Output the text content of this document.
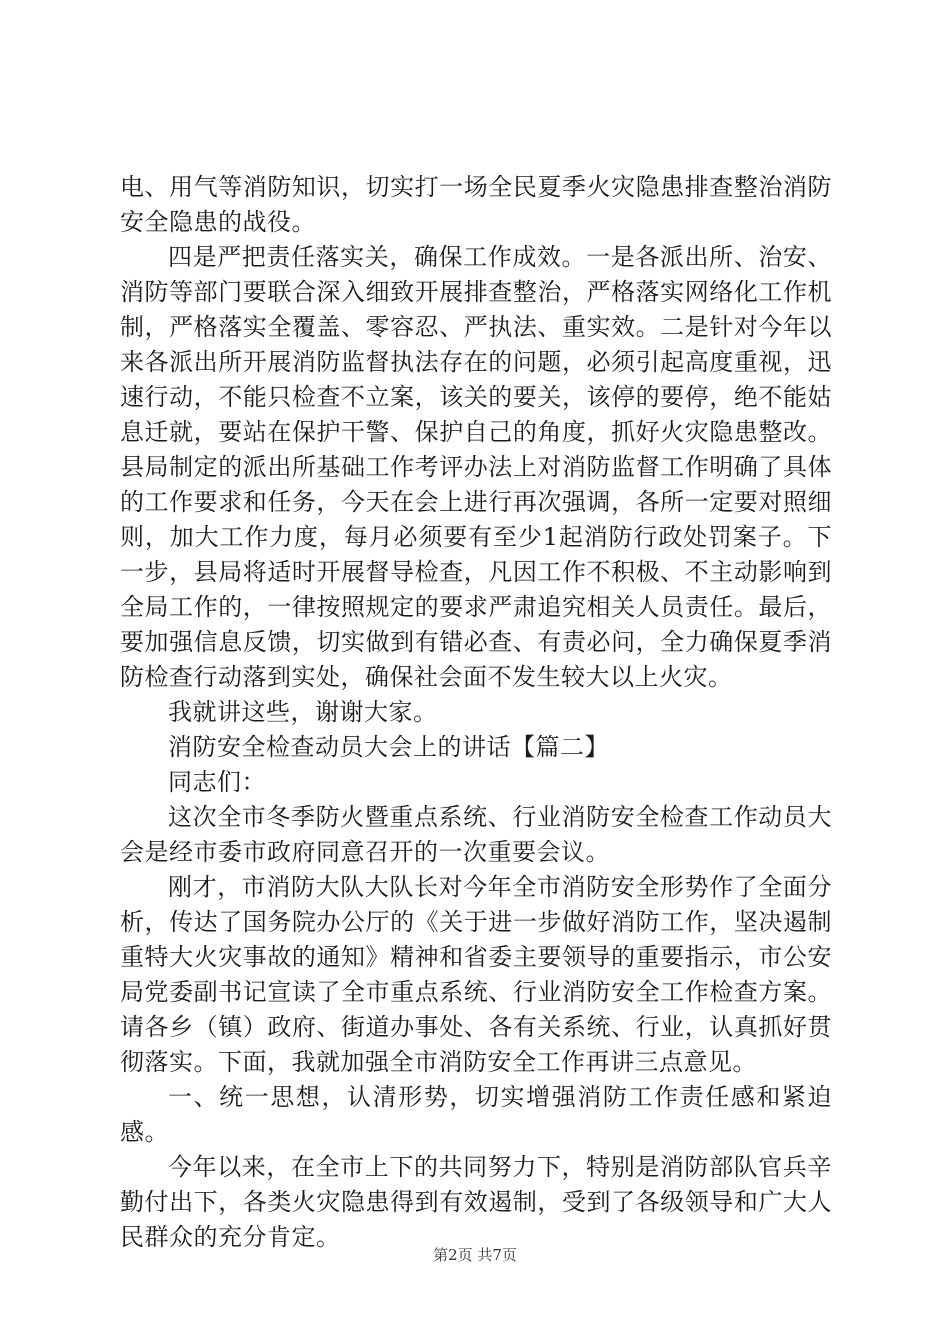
电、用气等消防知识，切实打一场全民夏季火灾隐患排查整治消防安全隐患的战役。

四是严把责任落实关，确保工作成效。一是各派出所、治安、消防等部门要联合深入细致开展排查整治，严格落实网络化工作机制，严格落实全覆盖、零容忍、严执法、重实效。二是针对今年以来各派出所开展消防监督执法存在的问题，必须引起高度重视，迅速行动，不能只检查不立案，该关的要关，该停的要停，绝不能姑息迁就，要站在保护干警、保护自己的角度，抓好火灾隐患整改。县局制定的派出所基础工作考评办法上对消防监督工作明确了具体的工作要求和任务，今天在会上进行再次强调，各所一定要对照细则，加大工作力度，每月必须要有至少1起消防行政处罚案子。下一步，县局将适时开展督导检查，凡因工作不积极、不主动影响到全局工作的，一律按照规定的要求严肃追究相关人员责任。最后，要加强信息反馈，切实做到有错必查、有责必问，全力确保夏季消防检查行动落到实处，确保社会面不发生较大以上火灾。

我就讲这些，谢谢大家。

消防安全检查动员大会上的讲话【篇二】

同志们：

这次全市冬季防火暨重点系统、行业消防安全检查工作动员大会是经市委市政府同意召开的一次重要会议。

刚才，市消防大队大队长对今年全市消防安全形势作了全面分析，传达了国务院办公厅的《关于进一步做好消防工作，坚决遏制重特大火灾事故的通知》精神和省委主要领导的重要指示，市公安局党委副书记宣读了全市重点系统、行业消防安全工作检查方案。请各乡（镇）政府、街道办事处、各有关系统、行业，认真抓好贯彻落实。下面，我就加强全市消防安全工作再讲三点意见。

一、统一思想，认清形势，切实增强消防工作责任感和紧迫感。

今年以来，在全市上下的共同努力下，特别是消防部队官兵辛勤付出下，各类火灾隐患得到有效遏制，受到了各级领导和广大人民群众的充分肯定。

第2页 共7页
